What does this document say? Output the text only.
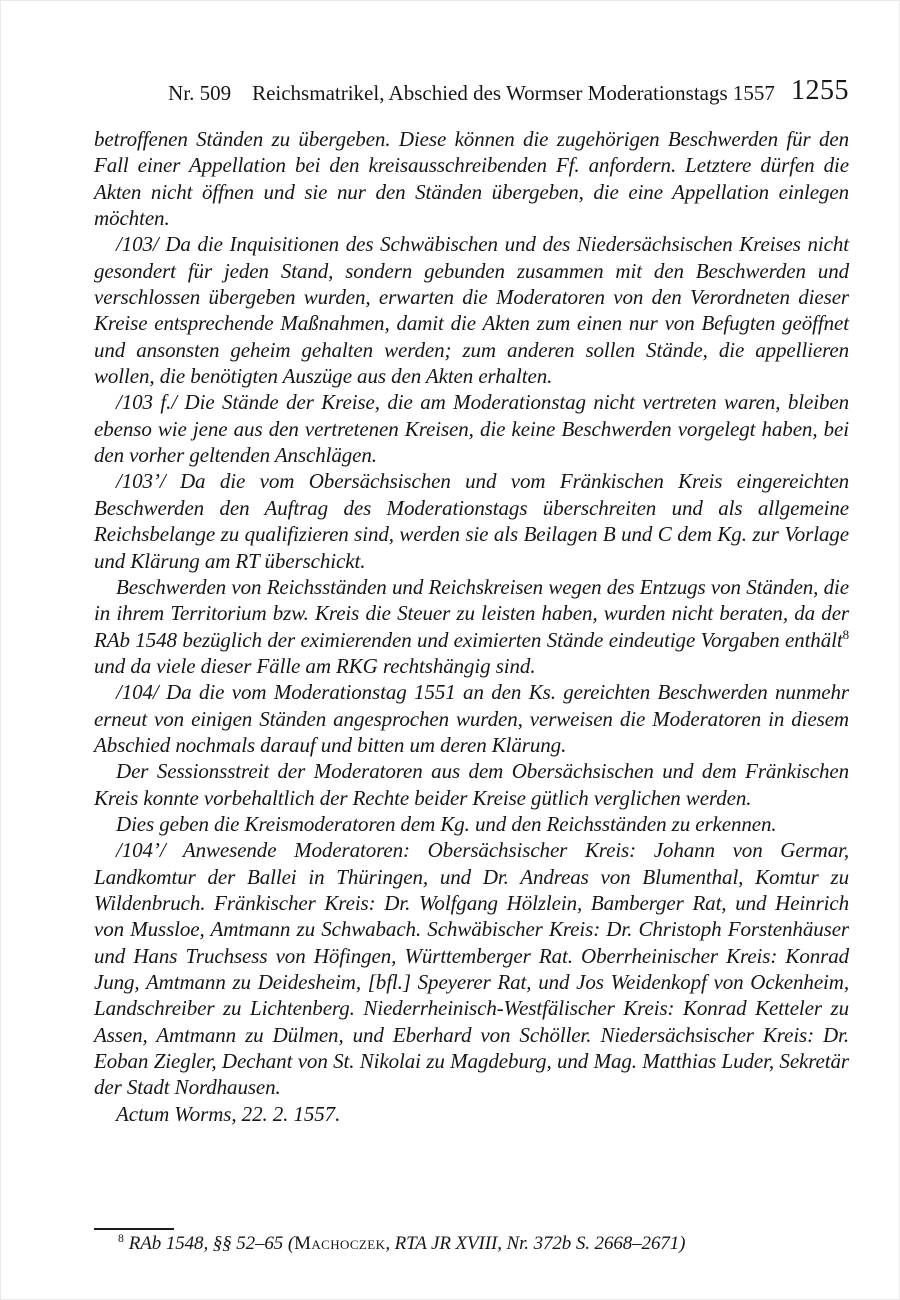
Nr. 509 Reichsmatrikel, Abschied des Wormser Moderationstags 1557 1255

betroffenen Ständen zu übergeben. Diese können die zugehörigen Beschwerden für den Fall einer Appellation bei den kreisausschreibenden Ff. anfordern. Letztere dürfen die Akten nicht öffnen und sie nur den Ständen übergeben, die eine Appellation einlegen möchten.

/103/ Da die Inquisitionen des Schwäbischen und des Niedersächsischen Kreises nicht gesondert für jeden Stand, sondern gebunden zusammen mit den Beschwerden und verschlossen übergeben wurden, erwarten die Moderatoren von den Verordneten dieser Kreise entsprechende Maßnahmen, damit die Akten zum einen nur von Befugten geöffnet und ansonsten geheim gehalten werden; zum anderen sollen Stände, die appellieren wollen, die benötigten Auszüge aus den Akten erhalten.

/103 f./ Die Stände der Kreise, die am Moderationstag nicht vertreten waren, bleiben ebenso wie jene aus den vertretenen Kreisen, die keine Beschwerden vorgelegt haben, bei den vorher geltenden Anschlägen.

/103’/ Da die vom Obersächsischen und vom Fränkischen Kreis eingereichten Beschwerden den Auftrag des Moderationstags überschreiten und als allgemeine Reichsbelange zu qualifizieren sind, werden sie als Beilagen B und C dem Kg. zur Vorlage und Klärung am RT überschickt.

Beschwerden von Reichsständen und Reichskreisen wegen des Entzugs von Ständen, die in ihrem Territorium bzw. Kreis die Steuer zu leisten haben, wurden nicht beraten, da der RAb 1548 bezüglich der eximierenden und eximierten Stände eindeutige Vorgaben enthält$^8$ und da viele dieser Fälle am RKG rechtshängig sind.

/104/ Da die vom Moderationstag 1551 an den Ks. gereichten Beschwerden nunmehr erneut von einigen Ständen angesprochen wurden, verweisen die Moderatoren in diesem Abschied nochmals darauf und bitten um deren Klärung.

Der Sessionsstreit der Moderatoren aus dem Obersächsischen und dem Fränkischen Kreis konnte vorbehaltlich der Rechte beider Kreise gütlich verglichen werden.

Dies geben die Kreismoderatoren dem Kg. und den Reichsständen zu erkennen.

/104’/ Anwesende Moderatoren: Obersächsischer Kreis: Johann von Germar, Landkomtur der Ballei in Thüringen, und Dr. Andreas von Blumenthal, Komtur zu Wildenbruch. Fränkischer Kreis: Dr. Wolfgang Hölzlein, Bamberger Rat, und Heinrich von Mussloe, Amtmann zu Schwabach. Schwäbischer Kreis: Dr. Christoph Forstenhäuser und Hans Truchsess von Höfingen, Württemberger Rat. Oberrheinischer Kreis: Konrad Jung, Amtmann zu Deidesheim, [bfl.] Speyerer Rat, und Jos Weidenkopf von Ockenheim, Landschreiber zu Lichtenberg. Niederrheinisch-Westfälischer Kreis: Konrad Ketteler zu Assen, Amtmann zu Dülmen, und Eberhard von Schöller. Niedersächsischer Kreis: Dr. Eoban Ziegler, Dechant von St. Nikolai zu Magdeburg, und Mag. Matthias Luder, Sekretär der Stadt Nordhausen.

Actum Worms, 22. 2. 1557.

$^8$ RAb 1548, §§ 52–65 (Machoczek, RTA JR XVIII, Nr. 372b S. 2668–2671)
